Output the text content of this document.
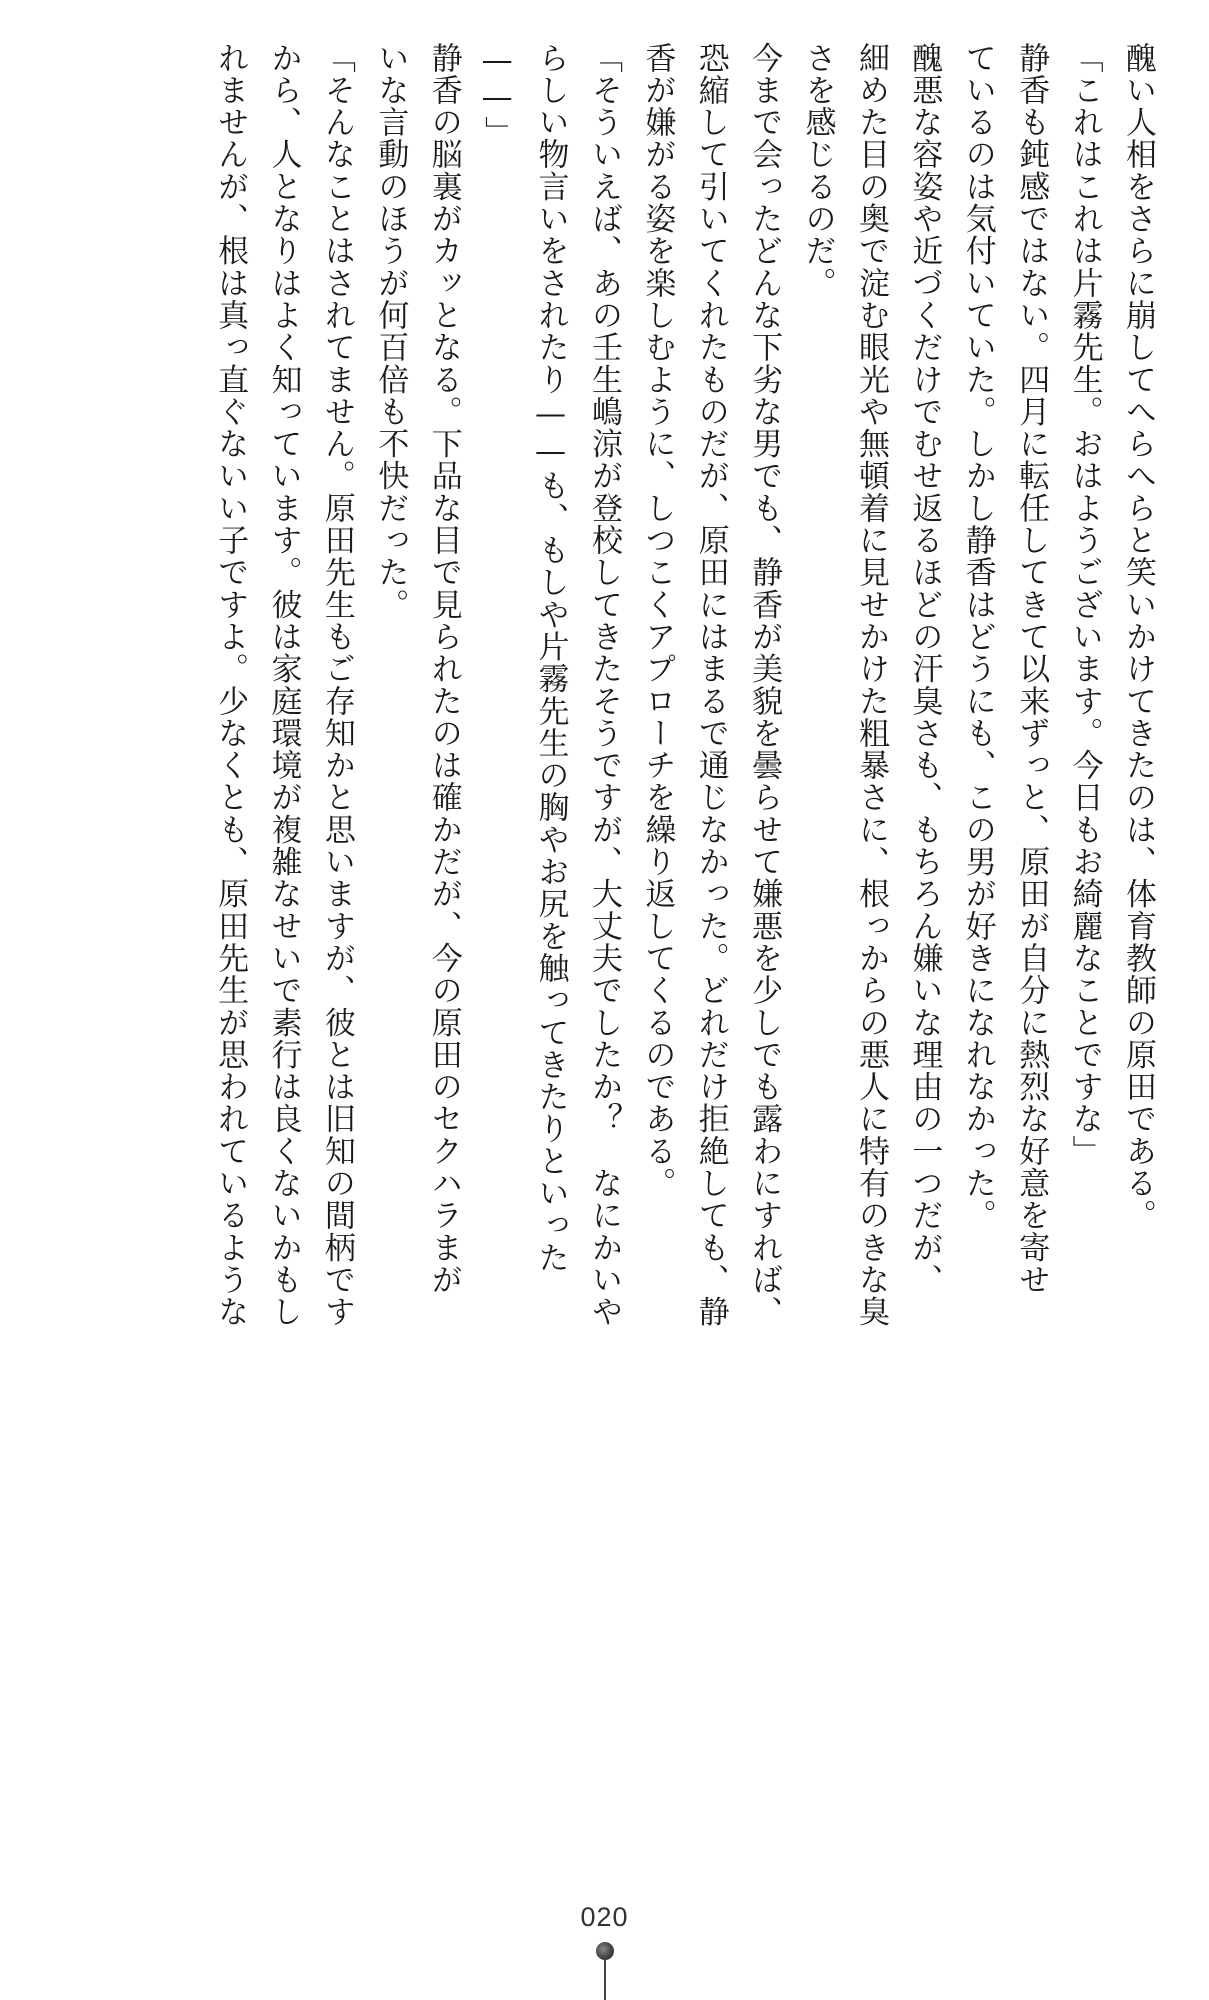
醜い人相をさらに崩してへらへらと笑いかけてきたのは、体育教師の原田である。

「これはこれは片霧先生。おはようございます。今日もお綺麗なことですな」

静香も鈍感ではない。四月に転任してきて以来ずっと、原田が自分に熱烈な好意を寄せ

ているのは気付いていた。しかし静香はどうにも、この男が好きになれなかった。

醜悪な容姿や近づくだけでむせ返るほどの汗臭さも、もちろん嫌いな理由の一つだが、

細めた目の奥で淀む眼光や無頓着に見せかけた粗暴さに、根っからの悪人に特有のきな臭

さを感じるのだ。

今まで会ったどんな下劣な男でも、静香が美貌を曇らせて嫌悪を少しでも露わにすれば、

恐縮して引いてくれたものだが、原田にはまるで通じなかった。どれだけ拒絶しても、静

香が嫌がる姿を楽しむように、しつこくアプローチを繰り返してくるのである。

「そういえば、あの壬生嶋涼が登校してきたそうですが、大丈夫でしたか？　なにかいや

らしい物言いをされたり——も、もしや片霧先生の胸やお尻を触ってきたりといった

——」

静香の脳裏がカッとなる。下品な目で見られたのは確かだが、今の原田のセクハラまが

いな言動のほうが何百倍も不快だった。

「そんなことはされてません。原田先生もご存知かと思いますが、彼とは旧知の間柄です

から、人となりはよく知っています。彼は家庭環境が複雑なせいで素行は良くないかもし

れませんが、根は真っ直ぐないい子ですよ。少なくとも、原田先生が思われているような

020
